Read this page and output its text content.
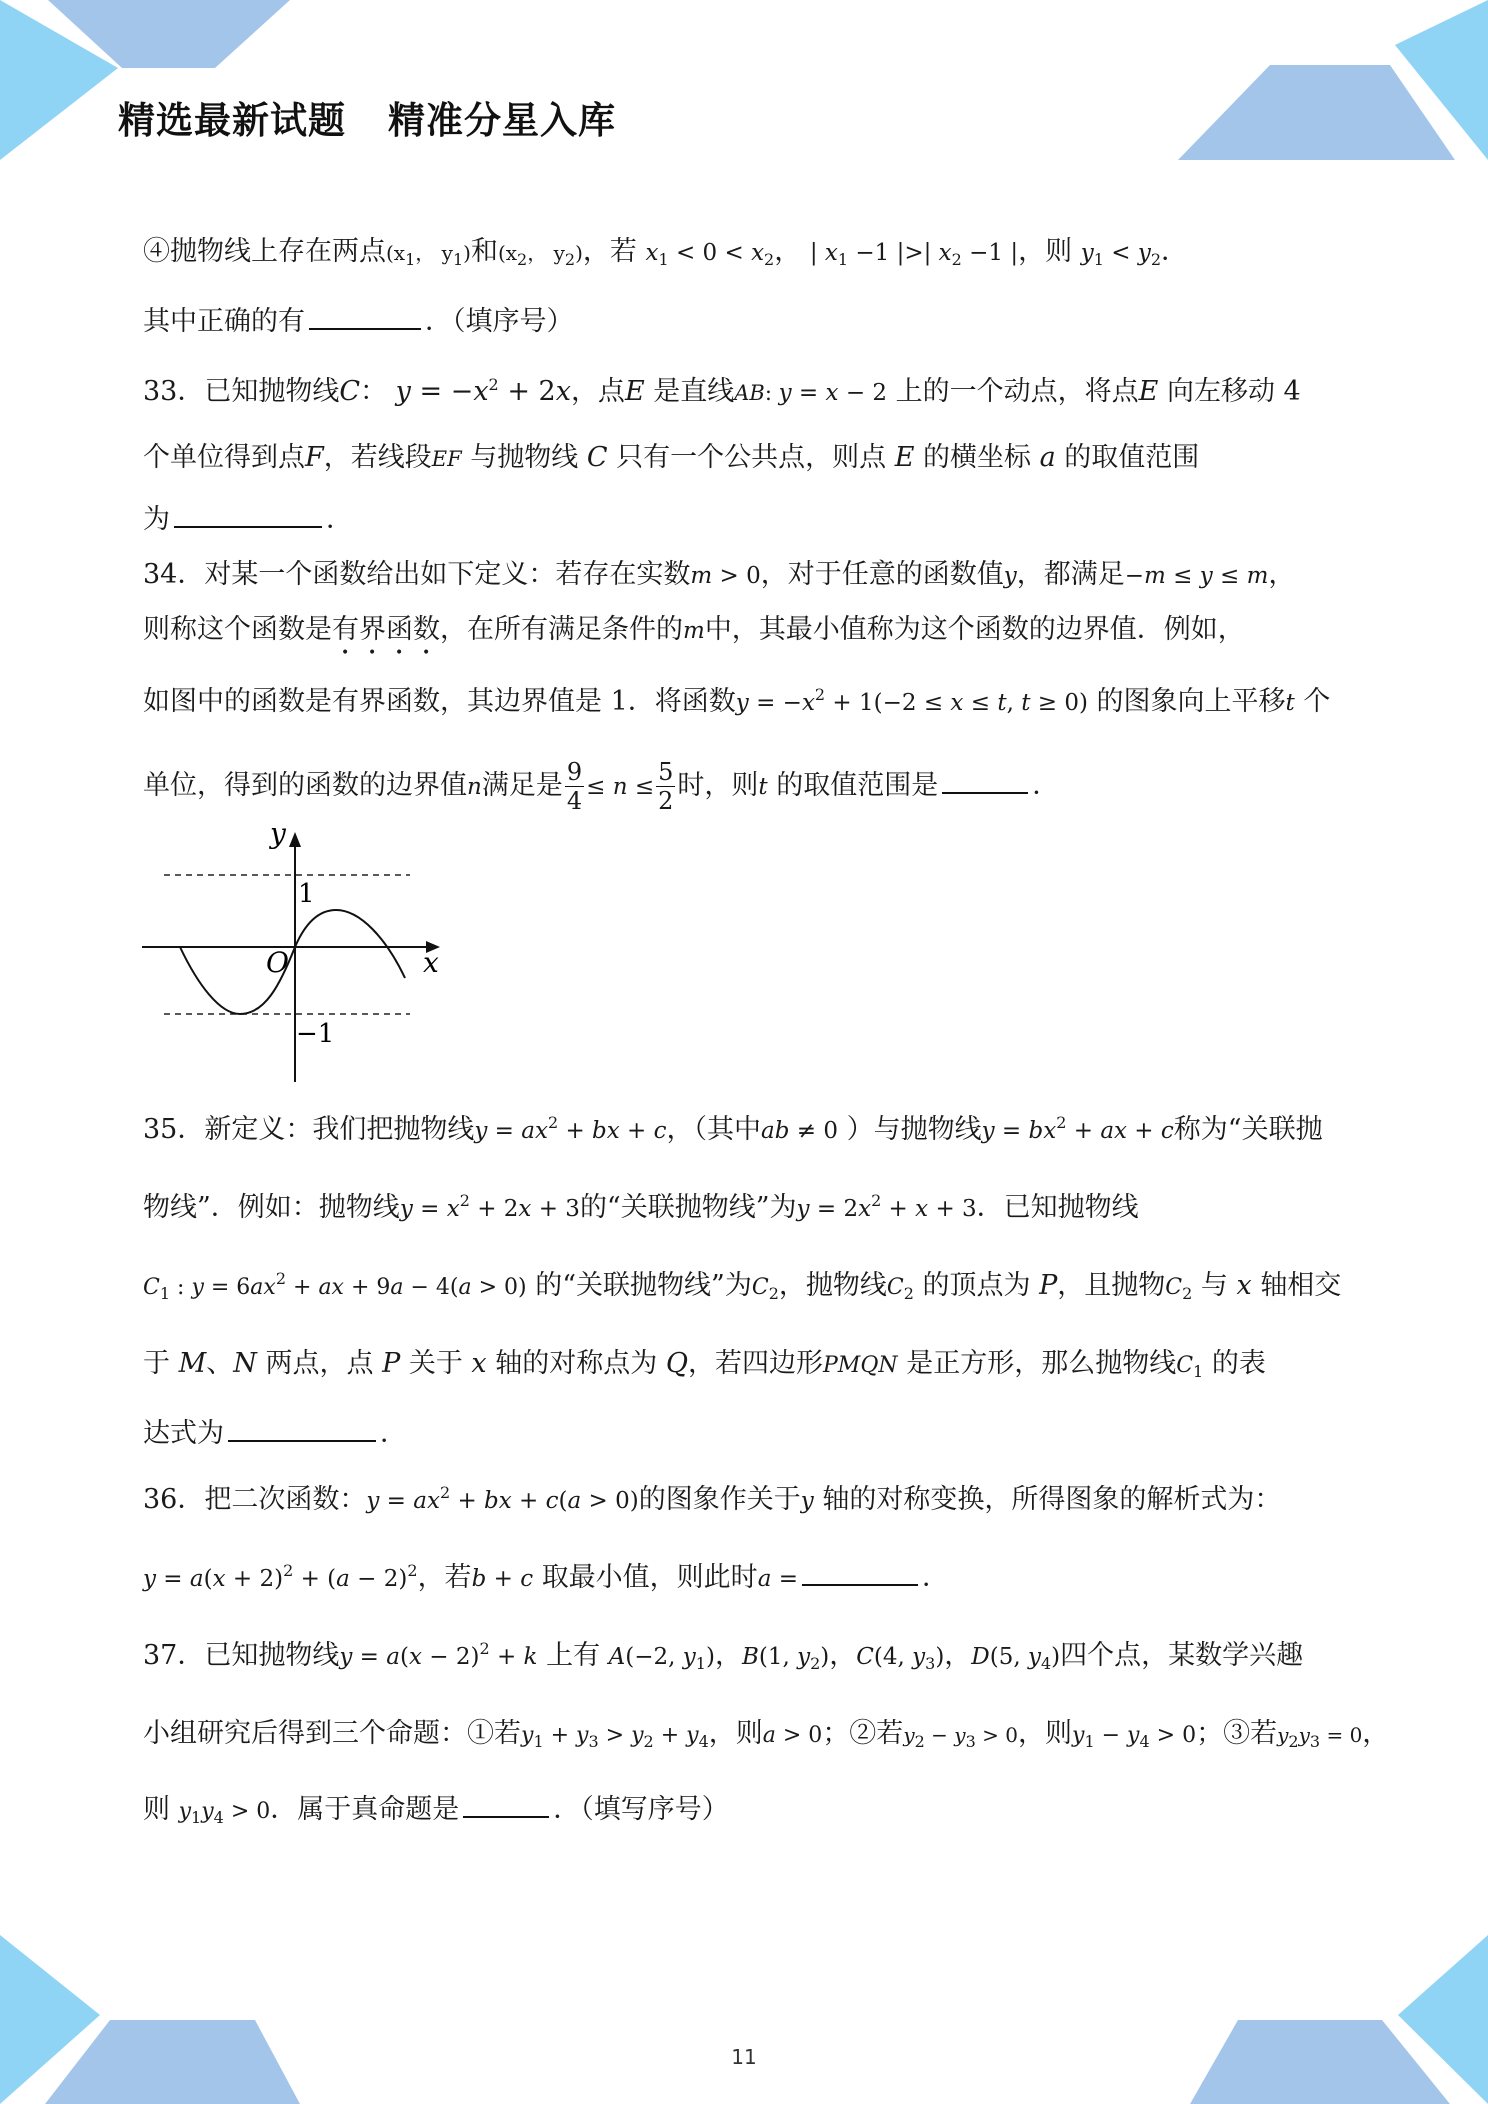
精选最新试题 精准分星入库
④抛物线上存在两点($x_1$， $y_1$)和($x_2$， $y_2$)，若 $x_1 < 0 < x_2$， | $x_1 -1$ |>| $x_2 -1$ |，则 $y_1 < y_2$．
其中正确的有	．（填序号）
33．已知抛物线C： $y = -x^2 + 2x$，点E 是直线AB: y = x − 2 上的一个动点，将点E 向左移动 4
个单位得到点F，若线段EF 与抛物线 C 只有一个公共点，则点 E 的横坐标 a 的取值范围
为	．
34．对某一个函数给出如下定义：若存在实数m > 0，对于任意的函数值y，都满足−m ≤ y ≤ m，
则称这个函数是有界函数，在所有满足条件的m中，其最小值称为这个函数的边界值．例如，
如图中的函数是有界函数，其边界值是 1．将函数$y = -x^2 + 1(-2 \le x \le t$, t ≥ 0) 的图象向上平移t 个
单位，得到的函数的边界值n满足是 $\frac{9}{4} \le n \le \frac{5}{2}$ 时，则t 的取值范围是	．
y
x
O
1
−1
35．新定义：我们把抛物线$y = ax^2$ + bx + c，（其中ab ≠ 0 ）与抛物线$y = bx^2$ + ax + c称为“关联抛
物线”．例如：抛物线$y = x^2 + 2x + 3$的“关联抛物线”为$y = 2x^2 + x + 3$．已知抛物线
$C_1$ : $y = 6ax^2$ + ax + 9a − 4(a > 0) 的“关联抛物线”为$C_2$，抛物线$C_2$ 的顶点为 P，且抛物$C_2$ 与 x 轴相交
于 M、N 两点，点 P 关于 x 轴的对称点为 Q，若四边形PMQN 是正方形，那么抛物线$C_1$ 的表
达式为	．
36．把二次函数：$y = ax^2$ + bx + c(a > 0)的图象作关于y 轴的对称变换，所得图象的解析式为：
$y = a(x + 2)^2 + (a - 2)^2$，若b + c 取最小值，则此时a =	．
37．已知抛物线$y = a(x - 2)^2 + k$ 上有 A(−2, $y_1$)，B(1, $y_2$)，C(4, $y_3$)，D(5, $y_4$)四个点，某数学兴趣
小组研究后得到三个命题：①若$y_1 + y_3 > y_2 + y_4$，则a > 0；②若$y_2 - y_3 > 0$，则$y_1 - y_4 > 0$；③若$y_2y_3 = 0$，
则 $y_1y_4 > 0$．属于真命题是	．（填写序号）
11
